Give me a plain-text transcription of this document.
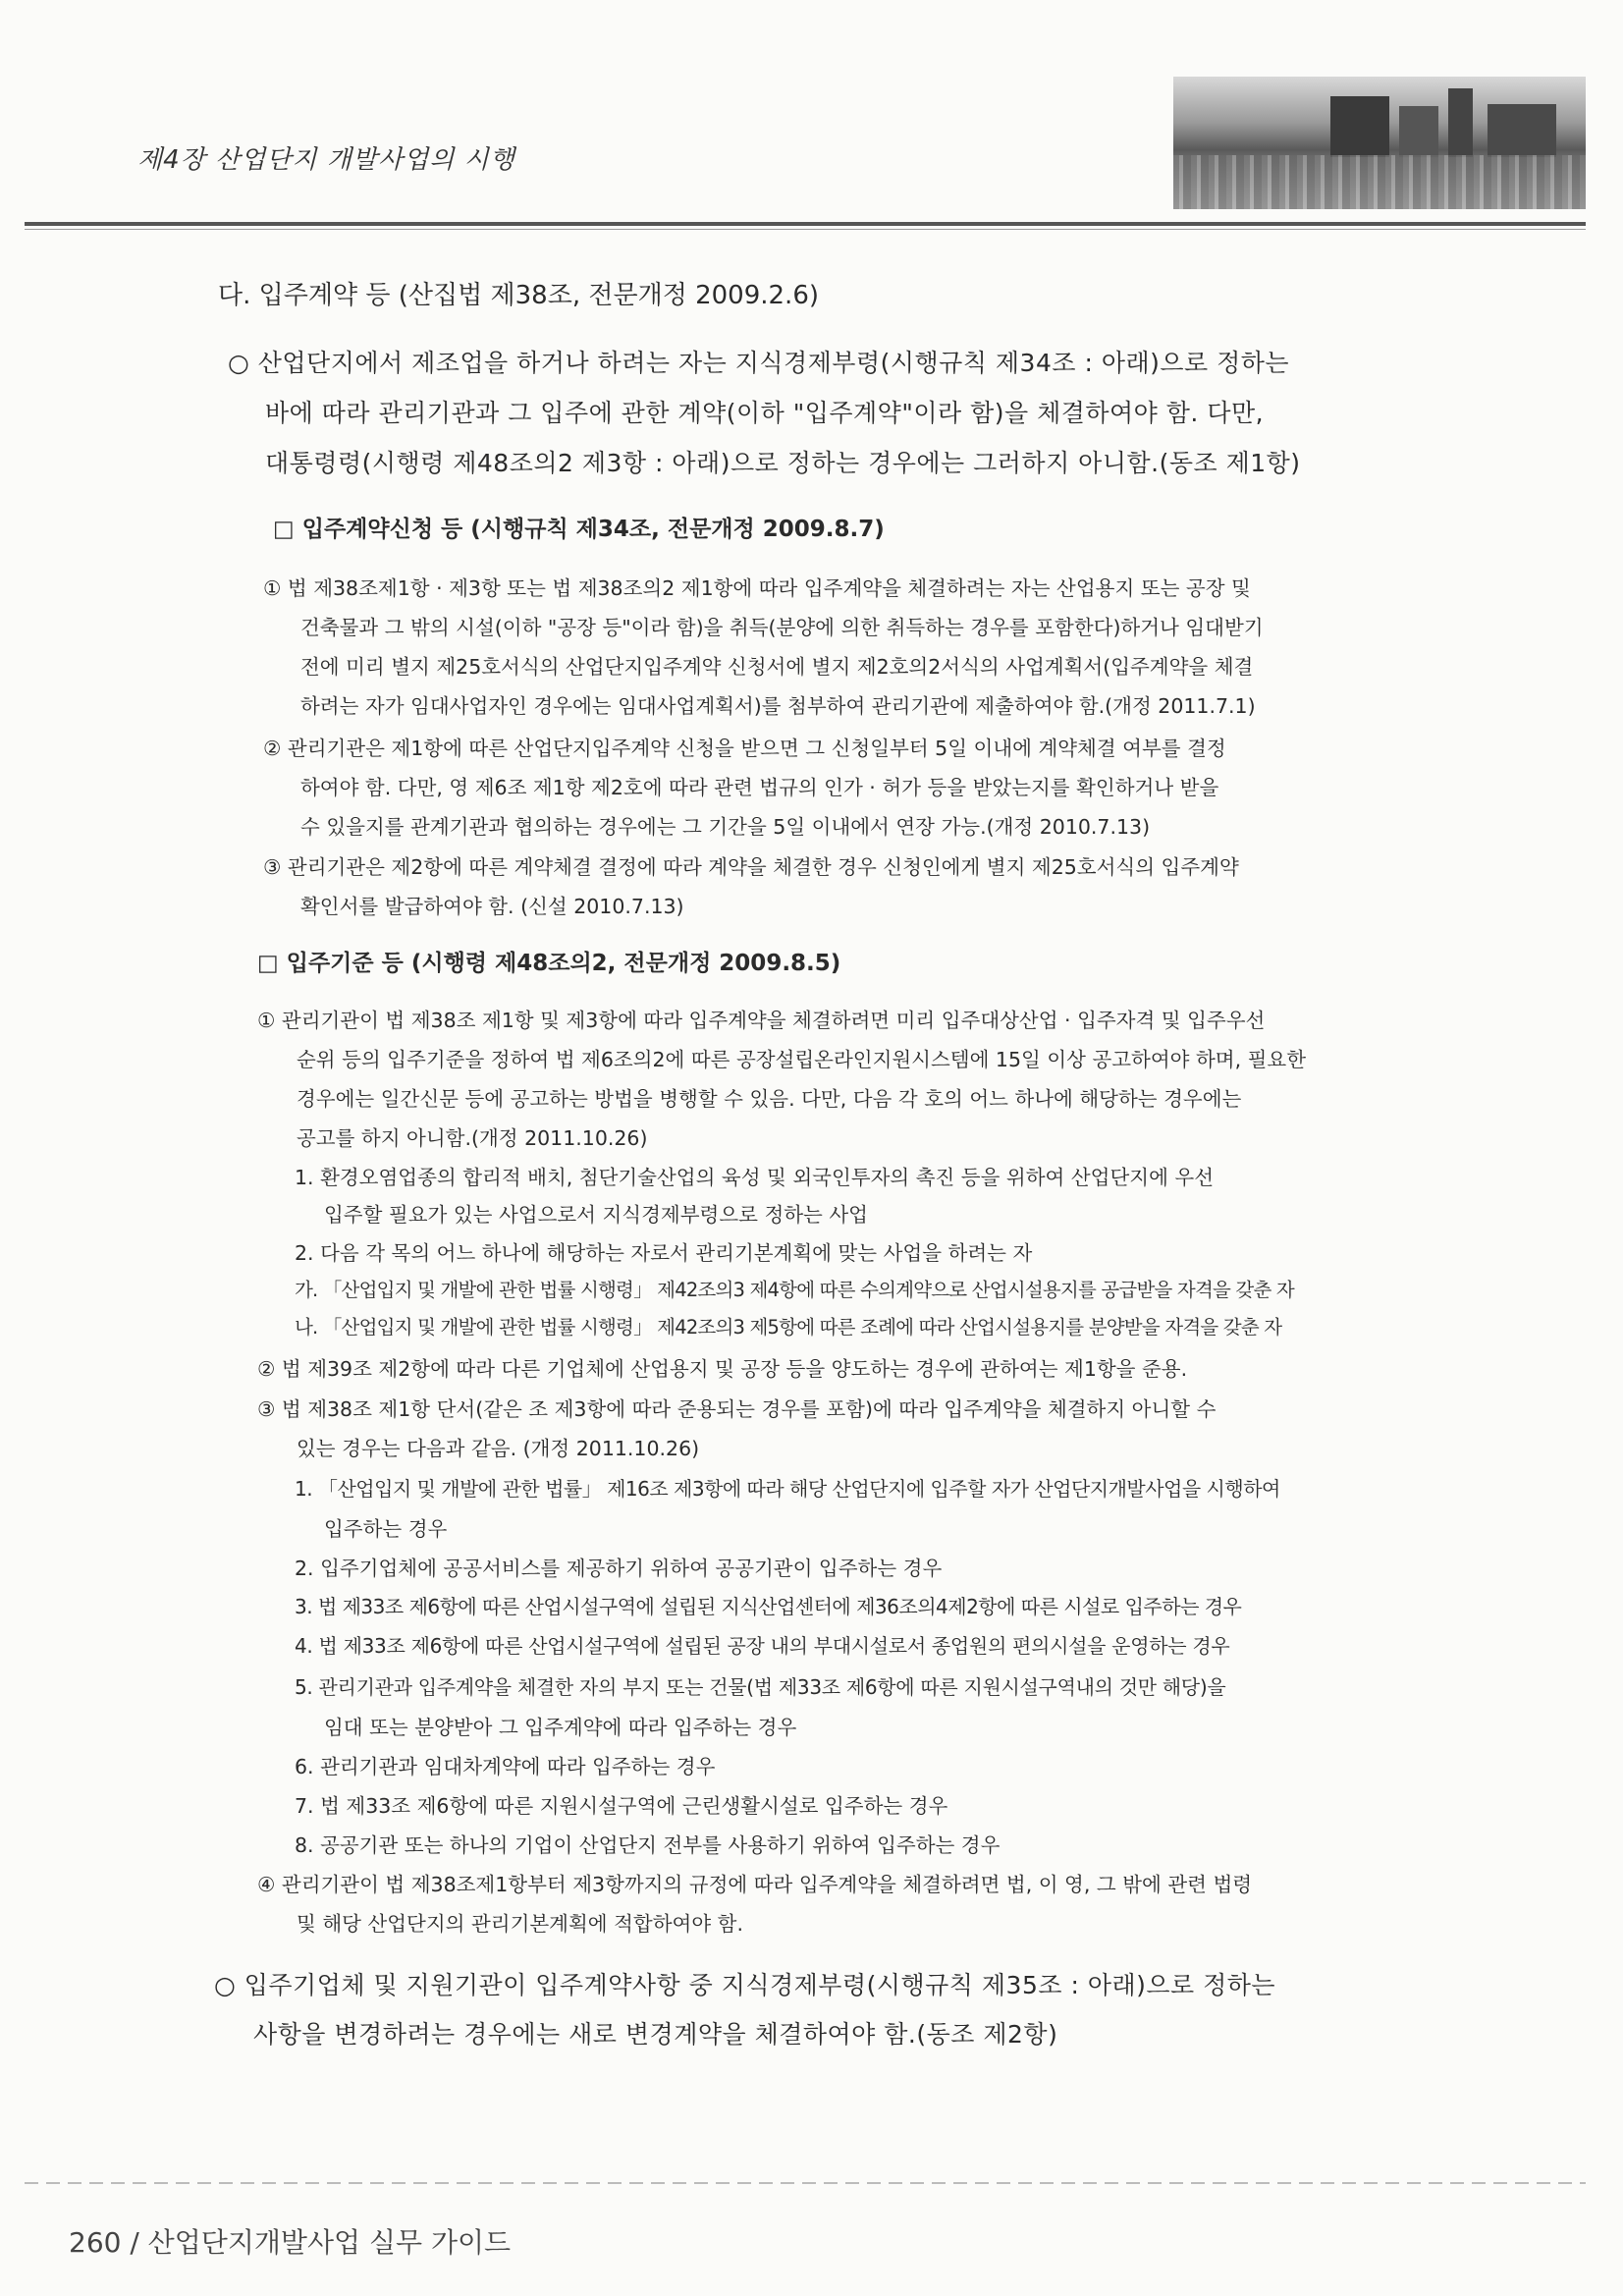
제4장 산업단지 개발사업의 시행
다. 입주계약 등 (산집법 제38조, 전문개정 2009.2.6)
○ 산업단지에서 제조업을 하거나 하려는 자는 지식경제부령(시행규칙 제34조 : 아래)으로 정하는
바에 따라 관리기관과 그 입주에 관한 계약(이하 "입주계약"이라 함)을 체결하여야 함. 다만,
대통령령(시행령 제48조의2 제3항 : 아래)으로 정하는 경우에는 그러하지 아니함.(동조 제1항)
□ 입주계약신청 등 (시행규칙 제34조, 전문개정 2009.8.7)
① 법 제38조제1항 · 제3항 또는 법 제38조의2 제1항에 따라 입주계약을 체결하려는 자는 산업용지 또는 공장 및
건축물과 그 밖의 시설(이하 "공장 등"이라 함)을 취득(분양에 의한 취득하는 경우를 포함한다)하거나 임대받기
전에 미리 별지 제25호서식의 산업단지입주계약 신청서에 별지 제2호의2서식의 사업계획서(입주계약을 체결
하려는 자가 임대사업자인 경우에는 임대사업계획서)를 첨부하여 관리기관에 제출하여야 함.(개정 2011.7.1)
② 관리기관은 제1항에 따른 산업단지입주계약 신청을 받으면 그 신청일부터 5일 이내에 계약체결 여부를 결정
하여야 함. 다만, 영 제6조 제1항 제2호에 따라 관련 법규의 인가 · 허가 등을 받았는지를 확인하거나 받을
수 있을지를 관계기관과 협의하는 경우에는 그 기간을 5일 이내에서 연장 가능.(개정 2010.7.13)
③ 관리기관은 제2항에 따른 계약체결 결정에 따라 계약을 체결한 경우 신청인에게 별지 제25호서식의 입주계약
확인서를 발급하여야 함. (신설 2010.7.13)
□ 입주기준 등 (시행령 제48조의2, 전문개정 2009.8.5)
① 관리기관이 법 제38조 제1항 및 제3항에 따라 입주계약을 체결하려면 미리 입주대상산업 · 입주자격 및 입주우선
순위 등의 입주기준을 정하여 법 제6조의2에 따른 공장설립온라인지원시스템에 15일 이상 공고하여야 하며, 필요한
경우에는 일간신문 등에 공고하는 방법을 병행할 수 있음. 다만, 다음 각 호의 어느 하나에 해당하는 경우에는
공고를 하지 아니함.(개정 2011.10.26)
1. 환경오염업종의 합리적 배치, 첨단기술산업의 육성 및 외국인투자의 촉진 등을 위하여 산업단지에 우선
입주할 필요가 있는 사업으로서 지식경제부령으로 정하는 사업
2. 다음 각 목의 어느 하나에 해당하는 자로서 관리기본계획에 맞는 사업을 하려는 자
가. 「산업입지 및 개발에 관한 법률 시행령」 제42조의3 제4항에 따른 수의계약으로 산업시설용지를 공급받을 자격을 갖춘 자
나. 「산업입지 및 개발에 관한 법률 시행령」 제42조의3 제5항에 따른 조례에 따라 산업시설용지를 분양받을 자격을 갖춘 자
② 법 제39조 제2항에 따라 다른 기업체에 산업용지 및 공장 등을 양도하는 경우에 관하여는 제1항을 준용.
③ 법 제38조 제1항 단서(같은 조 제3항에 따라 준용되는 경우를 포함)에 따라 입주계약을 체결하지 아니할 수
있는 경우는 다음과 같음. (개정 2011.10.26)
1. 「산업입지 및 개발에 관한 법률」 제16조 제3항에 따라 해당 산업단지에 입주할 자가 산업단지개발사업을 시행하여
입주하는 경우
2. 입주기업체에 공공서비스를 제공하기 위하여 공공기관이 입주하는 경우
3. 법 제33조 제6항에 따른 산업시설구역에 설립된 지식산업센터에 제36조의4제2항에 따른 시설로 입주하는 경우
4. 법 제33조 제6항에 따른 산업시설구역에 설립된 공장 내의 부대시설로서 종업원의 편의시설을 운영하는 경우
5. 관리기관과 입주계약을 체결한 자의 부지 또는 건물(법 제33조 제6항에 따른 지원시설구역내의 것만 해당)을
임대 또는 분양받아 그 입주계약에 따라 입주하는 경우
6. 관리기관과 임대차계약에 따라 입주하는 경우
7. 법 제33조 제6항에 따른 지원시설구역에 근린생활시설로 입주하는 경우
8. 공공기관 또는 하나의 기업이 산업단지 전부를 사용하기 위하여 입주하는 경우
④ 관리기관이 법 제38조제1항부터 제3항까지의 규정에 따라 입주계약을 체결하려면 법, 이 영, 그 밖에 관련 법령
및 해당 산업단지의 관리기본계획에 적합하여야 함.
○ 입주기업체 및 지원기관이 입주계약사항 중 지식경제부령(시행규칙 제35조 : 아래)으로 정하는
사항을 변경하려는 경우에는 새로 변경계약을 체결하여야 함.(동조 제2항)
260 / 산업단지개발사업 실무 가이드
